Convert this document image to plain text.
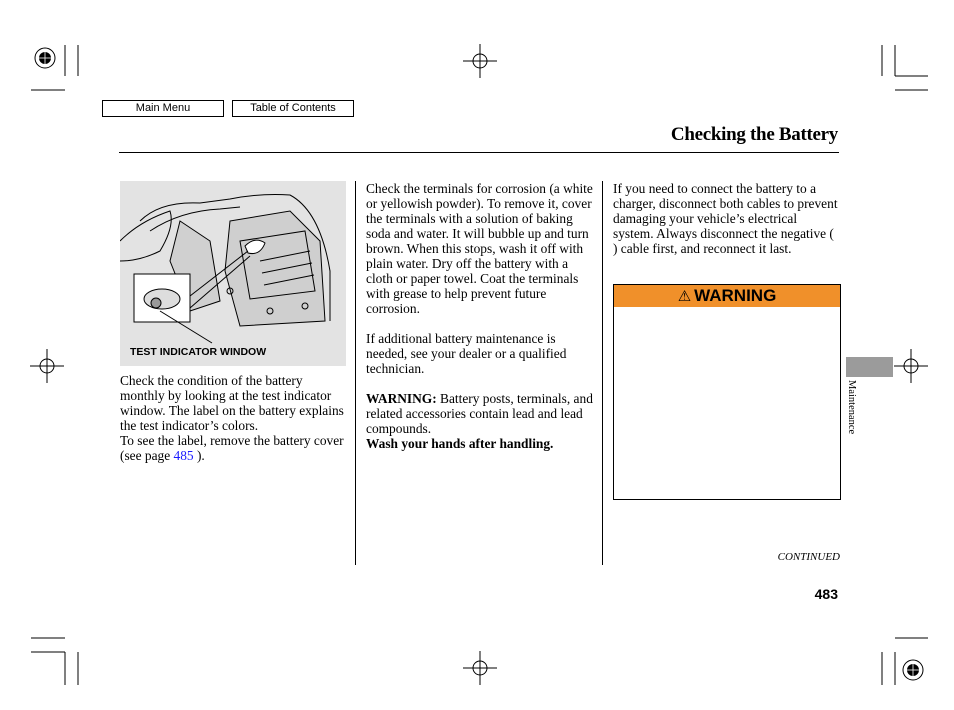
Main Menu	Table of Contents
Checking the Battery
TEST INDICATOR WINDOW

Check the condition of the battery monthly by looking at the test indicator window. The label on the battery explains the test indicator’s colors.

To see the label, remove the battery cover (see page 485 ).

Check the terminals for corrosion (a white or yellowish powder). To remove it, cover the terminals with a solution of baking soda and water. It will bubble up and turn brown. When this stops, wash it off with plain water. Dry off the battery with a cloth or paper towel. Coat the terminals with grease to help prevent future corrosion.

If additional battery maintenance is needed, see your dealer or a qualified technician.

WARNING: Battery posts, terminals, and related accessories contain lead and lead compounds.
Wash your hands after handling.

If you need to connect the battery to a charger, disconnect both cables to prevent damaging your vehicle’s electrical system. Always disconnect the negative ( ) cable first, and reconnect it last.

⚠ WARNING
Maintenance
CONTINUED
483
